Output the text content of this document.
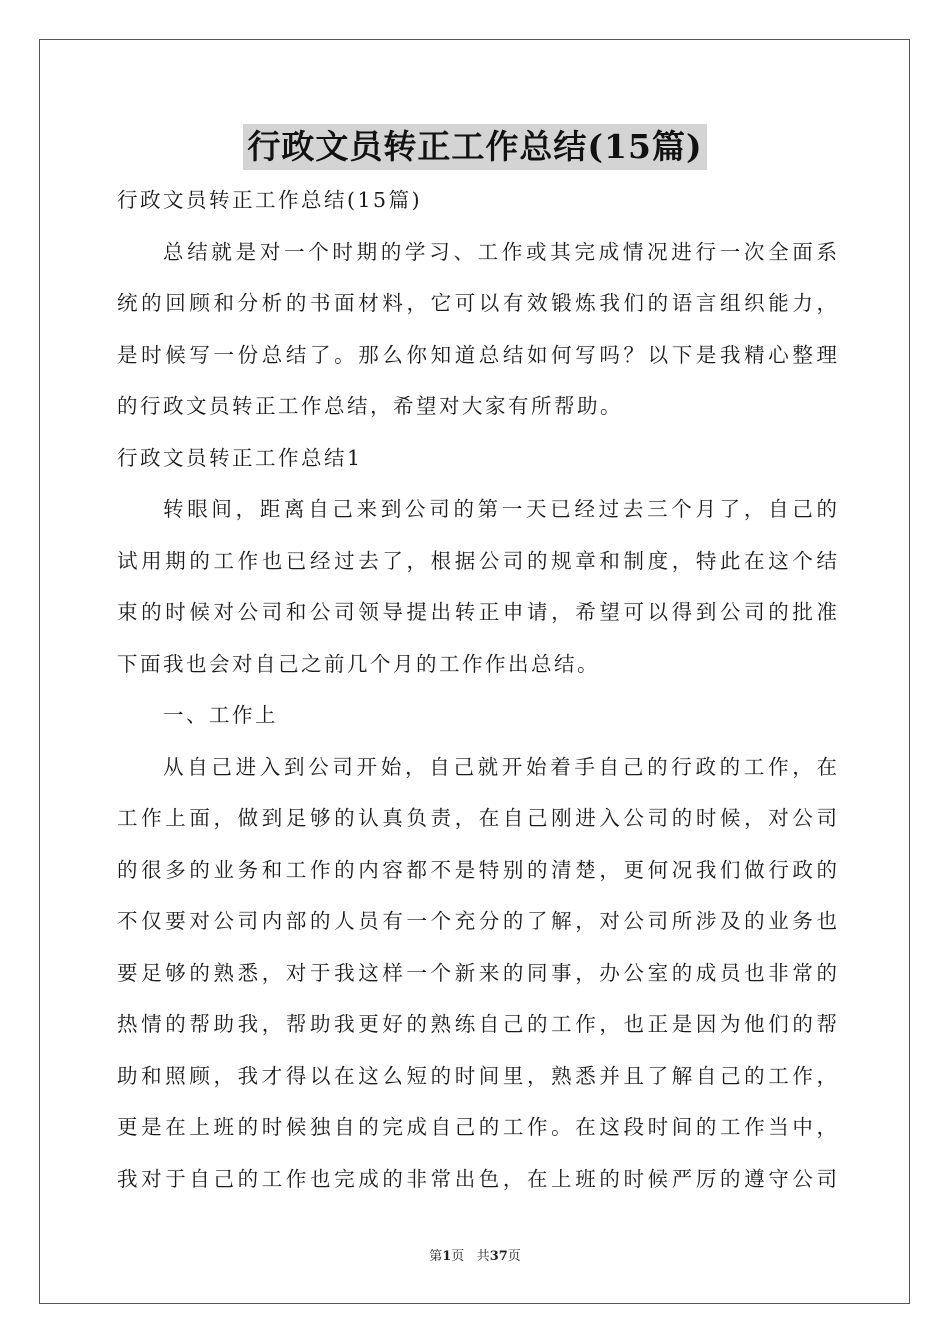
行政文员转正工作总结(15篇)
行政文员转正工作总结(15篇)
总结就是对一个时期的学习、工作或其完成情况进行一次全面系
统的回顾和分析的书面材料，它可以有效锻炼我们的语言组织能力，
是时候写一份总结了。那么你知道总结如何写吗？以下是我精心整理
的行政文员转正工作总结，希望对大家有所帮助。
行政文员转正工作总结1
转眼间，距离自己来到公司的第一天已经过去三个月了，自己的
试用期的工作也已经过去了，根据公司的规章和制度，特此在这个结
束的时候对公司和公司领导提出转正申请，希望可以得到公司的批准
下面我也会对自己之前几个月的工作作出总结。
一、工作上
从自己进入到公司开始，自己就开始着手自己的行政的工作，在
工作上面，做到足够的认真负责，在自己刚进入公司的时候，对公司
的很多的业务和工作的内容都不是特别的清楚，更何况我们做行政的
不仅要对公司内部的人员有一个充分的了解，对公司所涉及的业务也
要足够的熟悉，对于我这样一个新来的同事，办公室的成员也非常的
热情的帮助我，帮助我更好的熟练自己的工作，也正是因为他们的帮
助和照顾，我才得以在这么短的时间里，熟悉并且了解自己的工作，
更是在上班的时候独自的完成自己的工作。在这段时间的工作当中，
我对于自己的工作也完成的非常出色，在上班的时候严厉的遵守公司
第1页 共37页
